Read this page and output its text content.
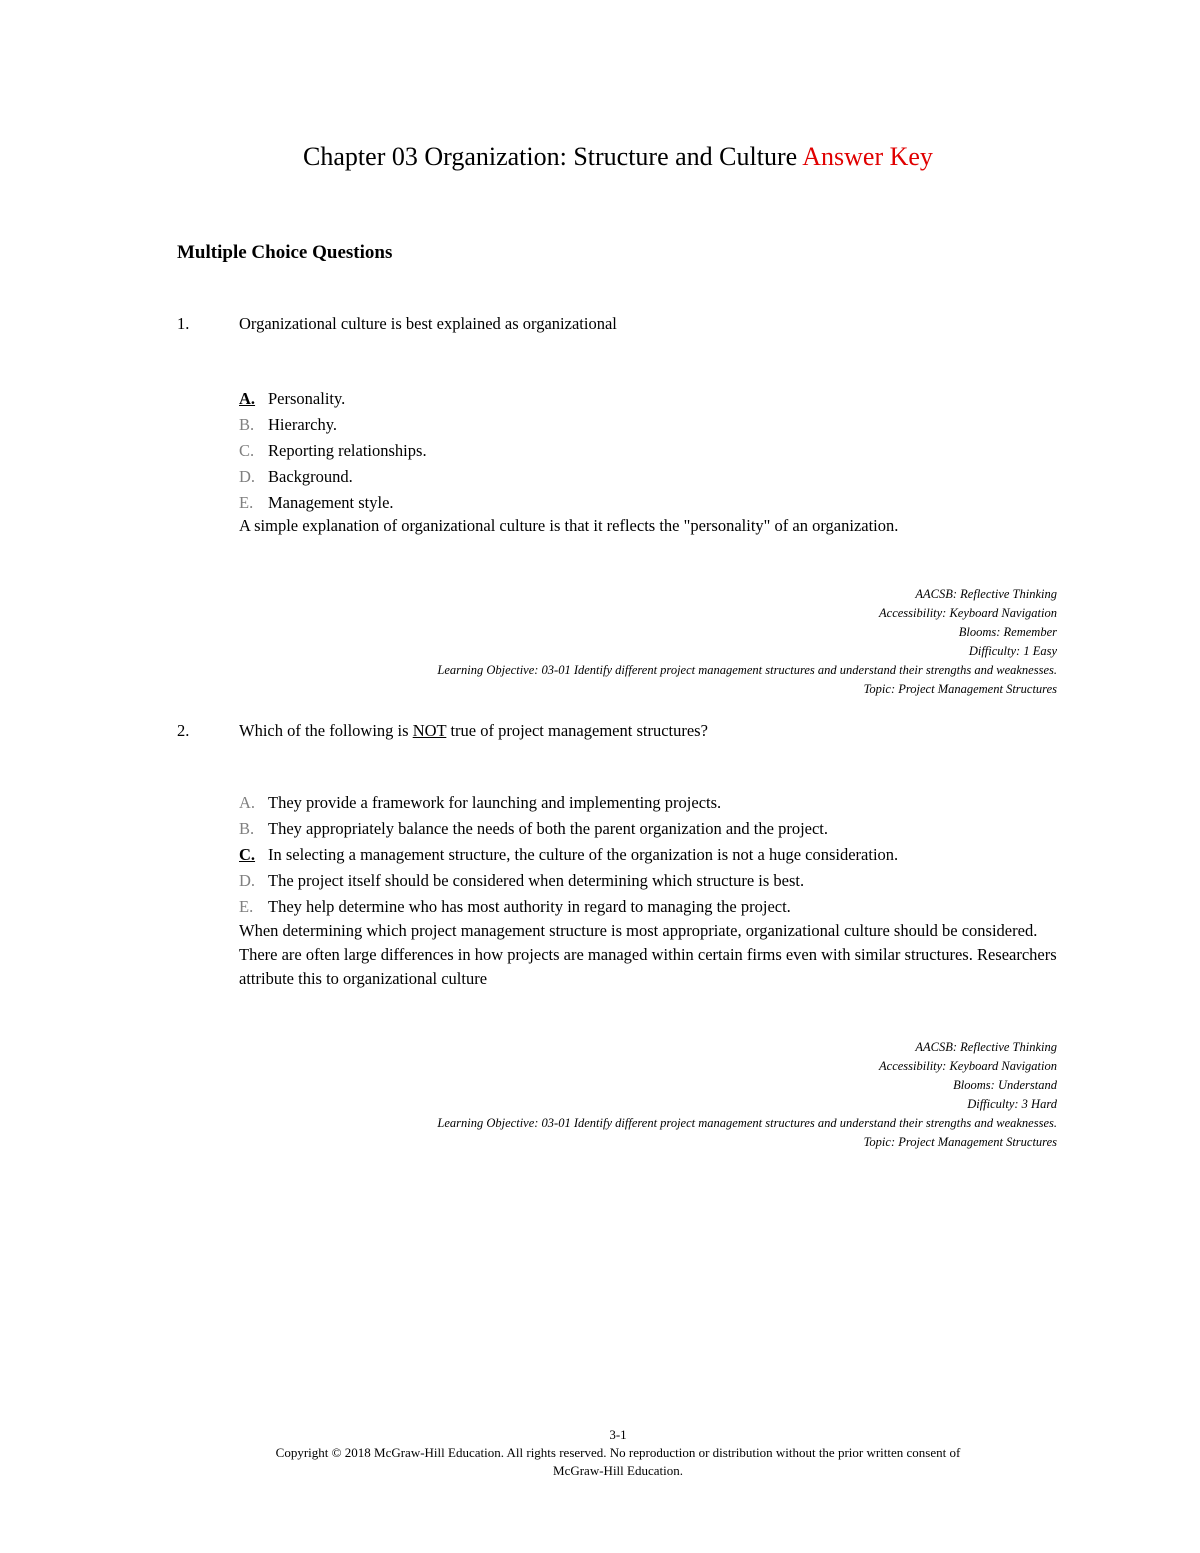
Chapter 03 Organization: Structure and Culture Answer Key
Multiple Choice Questions
1.	Organizational culture is best explained as organizational
A. Personality.
B. Hierarchy.
C. Reporting relationships.
D. Background.
E. Management style.

A simple explanation of organizational culture is that it reflects the "personality" of an organization.

AACSB: Reflective Thinking
Accessibility: Keyboard Navigation
Blooms: Remember
Difficulty: 1 Easy
Learning Objective: 03-01 Identify different project management structures and understand their strengths and weaknesses.
Topic: Project Management Structures
2.	Which of the following is NOT true of project management structures?
A. They provide a framework for launching and implementing projects.
B. They appropriately balance the needs of both the parent organization and the project.
C. In selecting a management structure, the culture of the organization is not a huge consideration.
D. The project itself should be considered when determining which structure is best.
E. They help determine who has most authority in regard to managing the project.

When determining which project management structure is most appropriate, organizational culture should be considered. There are often large differences in how projects are managed within certain firms even with similar structures. Researchers attribute this to organizational culture

AACSB: Reflective Thinking
Accessibility: Keyboard Navigation
Blooms: Understand
Difficulty: 3 Hard
Learning Objective: 03-01 Identify different project management structures and understand their strengths and weaknesses.
Topic: Project Management Structures
3-1
Copyright © 2018 McGraw-Hill Education. All rights reserved. No reproduction or distribution without the prior written consent of
McGraw-Hill Education.
